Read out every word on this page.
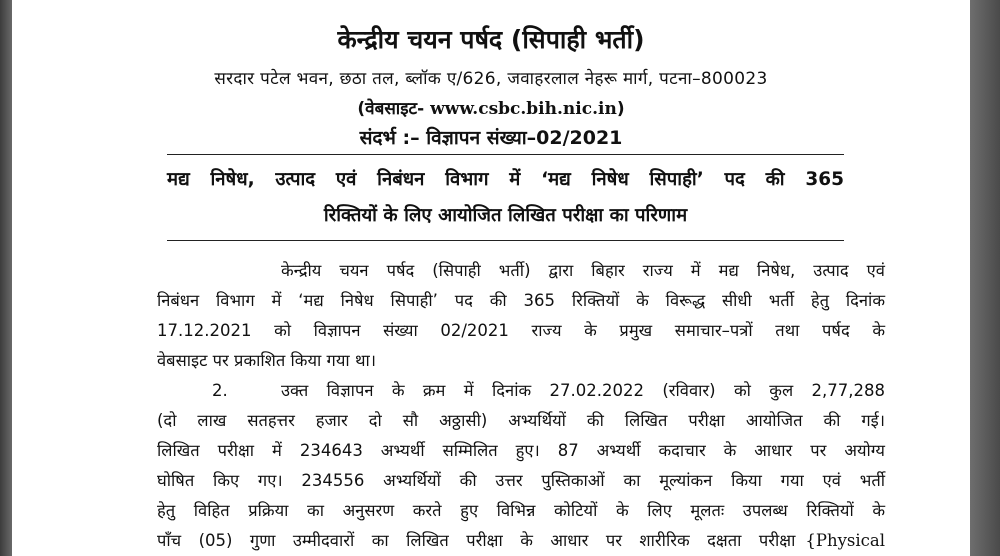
केन्द्रीय चयन पर्षद (सिपाही भर्ती)
सरदार पटेल भवन, छठा तल, ब्लॉक ए/626, जवाहरलाल नेहरू मार्ग, पटना–800023
(वेबसाइट- www.csbc.bih.nic.in)
संदर्भ :– विज्ञापन संख्या–02/2021
मद्य निषेध, उत्पाद एवं निबंधन विभाग में ‘मद्य निषेध सिपाही’ पद की 365
रिक्तियों के लिए आयोजित लिखित परीक्षा का परिणाम
केन्द्रीय चयन पर्षद (सिपाही भर्ती) द्वारा बिहार राज्य में मद्य निषेध, उत्पाद एवं
निबंधन विभाग में ‘मद्य निषेध सिपाही’ पद की 365 रिक्तियों के विरूद्ध सीधी भर्ती हेतु दिनांक
17.12.2021 को विज्ञापन संख्या 02/2021 राज्य के प्रमुख समाचार–पत्रों तथा पर्षद के
वेबसाइट पर प्रकाशित किया गया था।
2.	उक्त विज्ञापन के क्रम में दिनांक 27.02.2022 (रविवार) को कुल 2,77,288
(दो लाख सतहत्तर हजार दो सौ अठ्ठासी) अभ्यर्थियों की लिखित परीक्षा आयोजित की गई।
लिखित परीक्षा में 234643 अभ्यर्थी सम्मिलित हुए। 87 अभ्यर्थी कदाचार के आधार पर अयोग्य
घोषित किए गए। 234556 अभ्यर्थियों की उत्तर पुस्तिकाओं का मूल्यांकन किया गया एवं भर्ती
हेतु विहित प्रक्रिया का अनुसरण करते हुए विभिन्न कोटियों के लिए मूलतः उपलब्ध रिक्तियों के
पाँच (05) गुणा उम्मीदवारों का लिखित परीक्षा के आधार पर शारीरिक दक्षता परीक्षा {Physical
